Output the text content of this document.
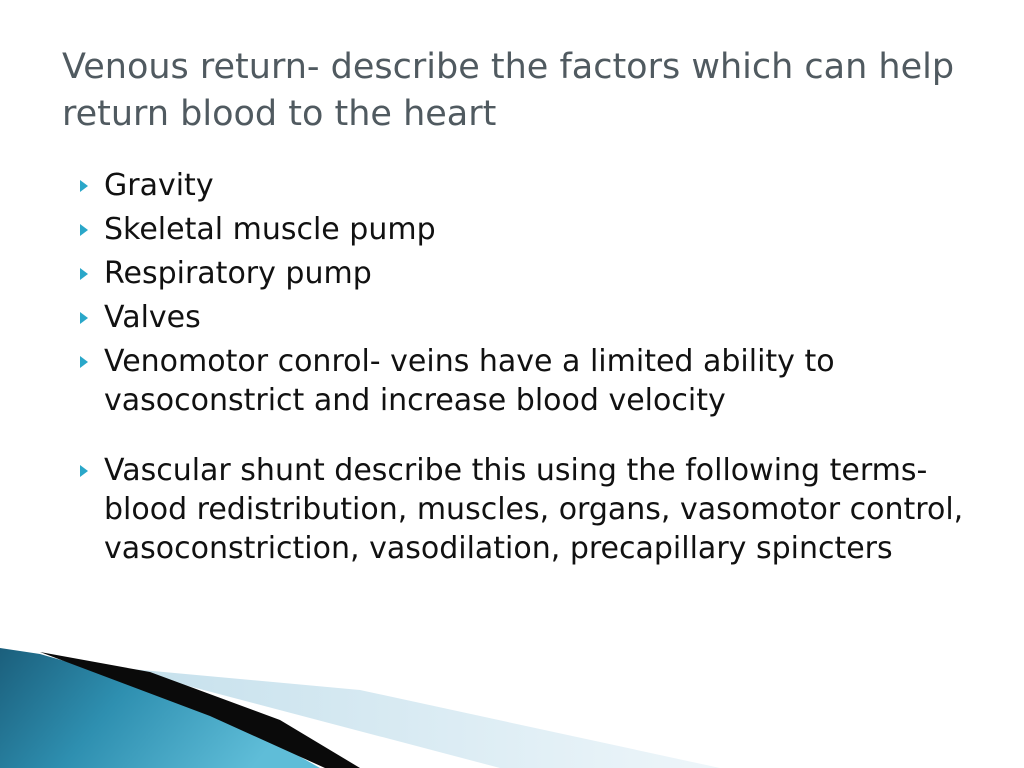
Venous return- describe the factors which can help return blood to the heart
Gravity
Skeletal muscle pump
Respiratory pump
Valves
Venomotor conrol- veins have a limited ability to vasoconstrict and increase blood velocity
Vascular shunt describe this using the following terms- blood redistribution, muscles, organs, vasomotor control, vasoconstriction, vasodilation, precapillary spincters
